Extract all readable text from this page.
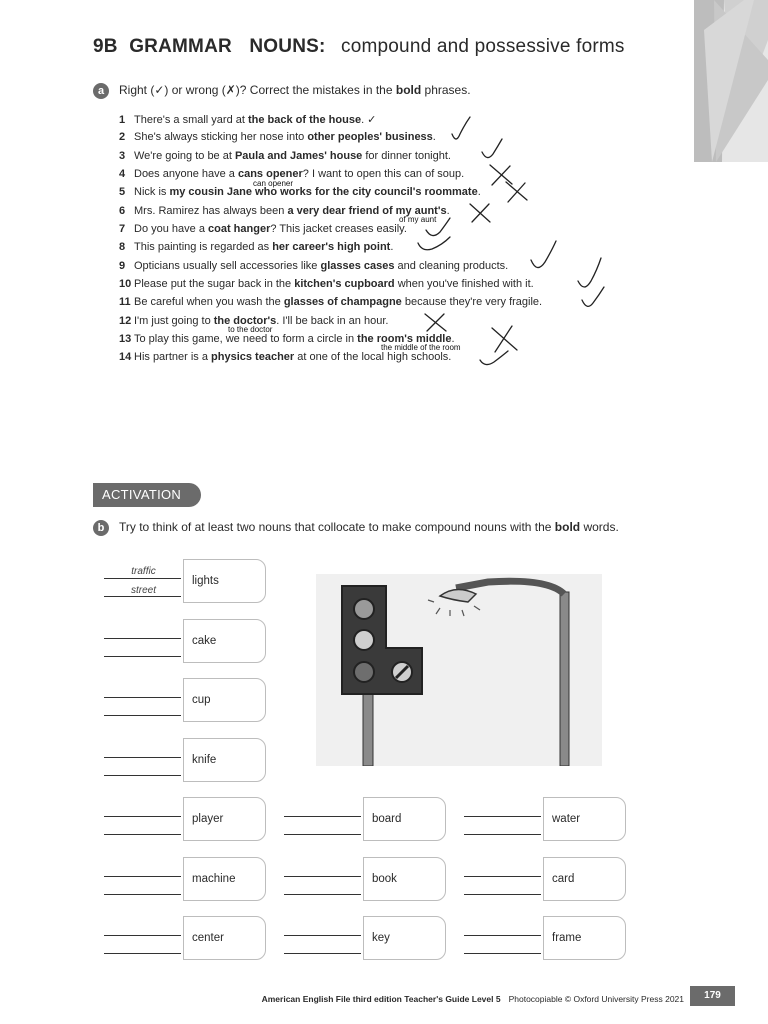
9B GRAMMAR NOUNS: compound and possessive forms
a	Right (✓) or wrong (✗)? Correct the mistakes in the bold phrases.
1 There's a small yard at the back of the house. ✓
2 She's always sticking her nose into other peoples' business.
3 We're going to be at Paula and James' house for dinner tonight.
4 Does anyone have a cans opener? I want to open this can of soup.
5 Nick is my cousin Jane who works for the city council's roommate.
6 Mrs. Ramirez has always been a very dear friend of my aunt's.
7 Do you have a coat hanger? This jacket creases easily.
8 This painting is regarded as her career's high point.
9 Opticians usually sell accessories like glasses cases and cleaning products.
10 Please put the sugar back in the kitchen's cupboard when you've finished with it.
11 Be careful when you wash the glasses of champagne because they're very fragile.
12 I'm just going to the doctor's. I'll be back in an hour.
13 To play this game, we need to form a circle in the room's middle.
14 His partner is a physics teacher at one of the local high schools.
can opener
of my aunt
to the doctor
the middle of the room
ACTIVATION
b	Try to think of at least two nouns that collocate to make compound nouns with the bold words.
traffic
street
lights
cake
cup
knife
player
machine
center
board
book
key
water
card
frame
American English File third edition Teacher's Guide Level 5 Photocopiable © Oxford University Press 2021	179
